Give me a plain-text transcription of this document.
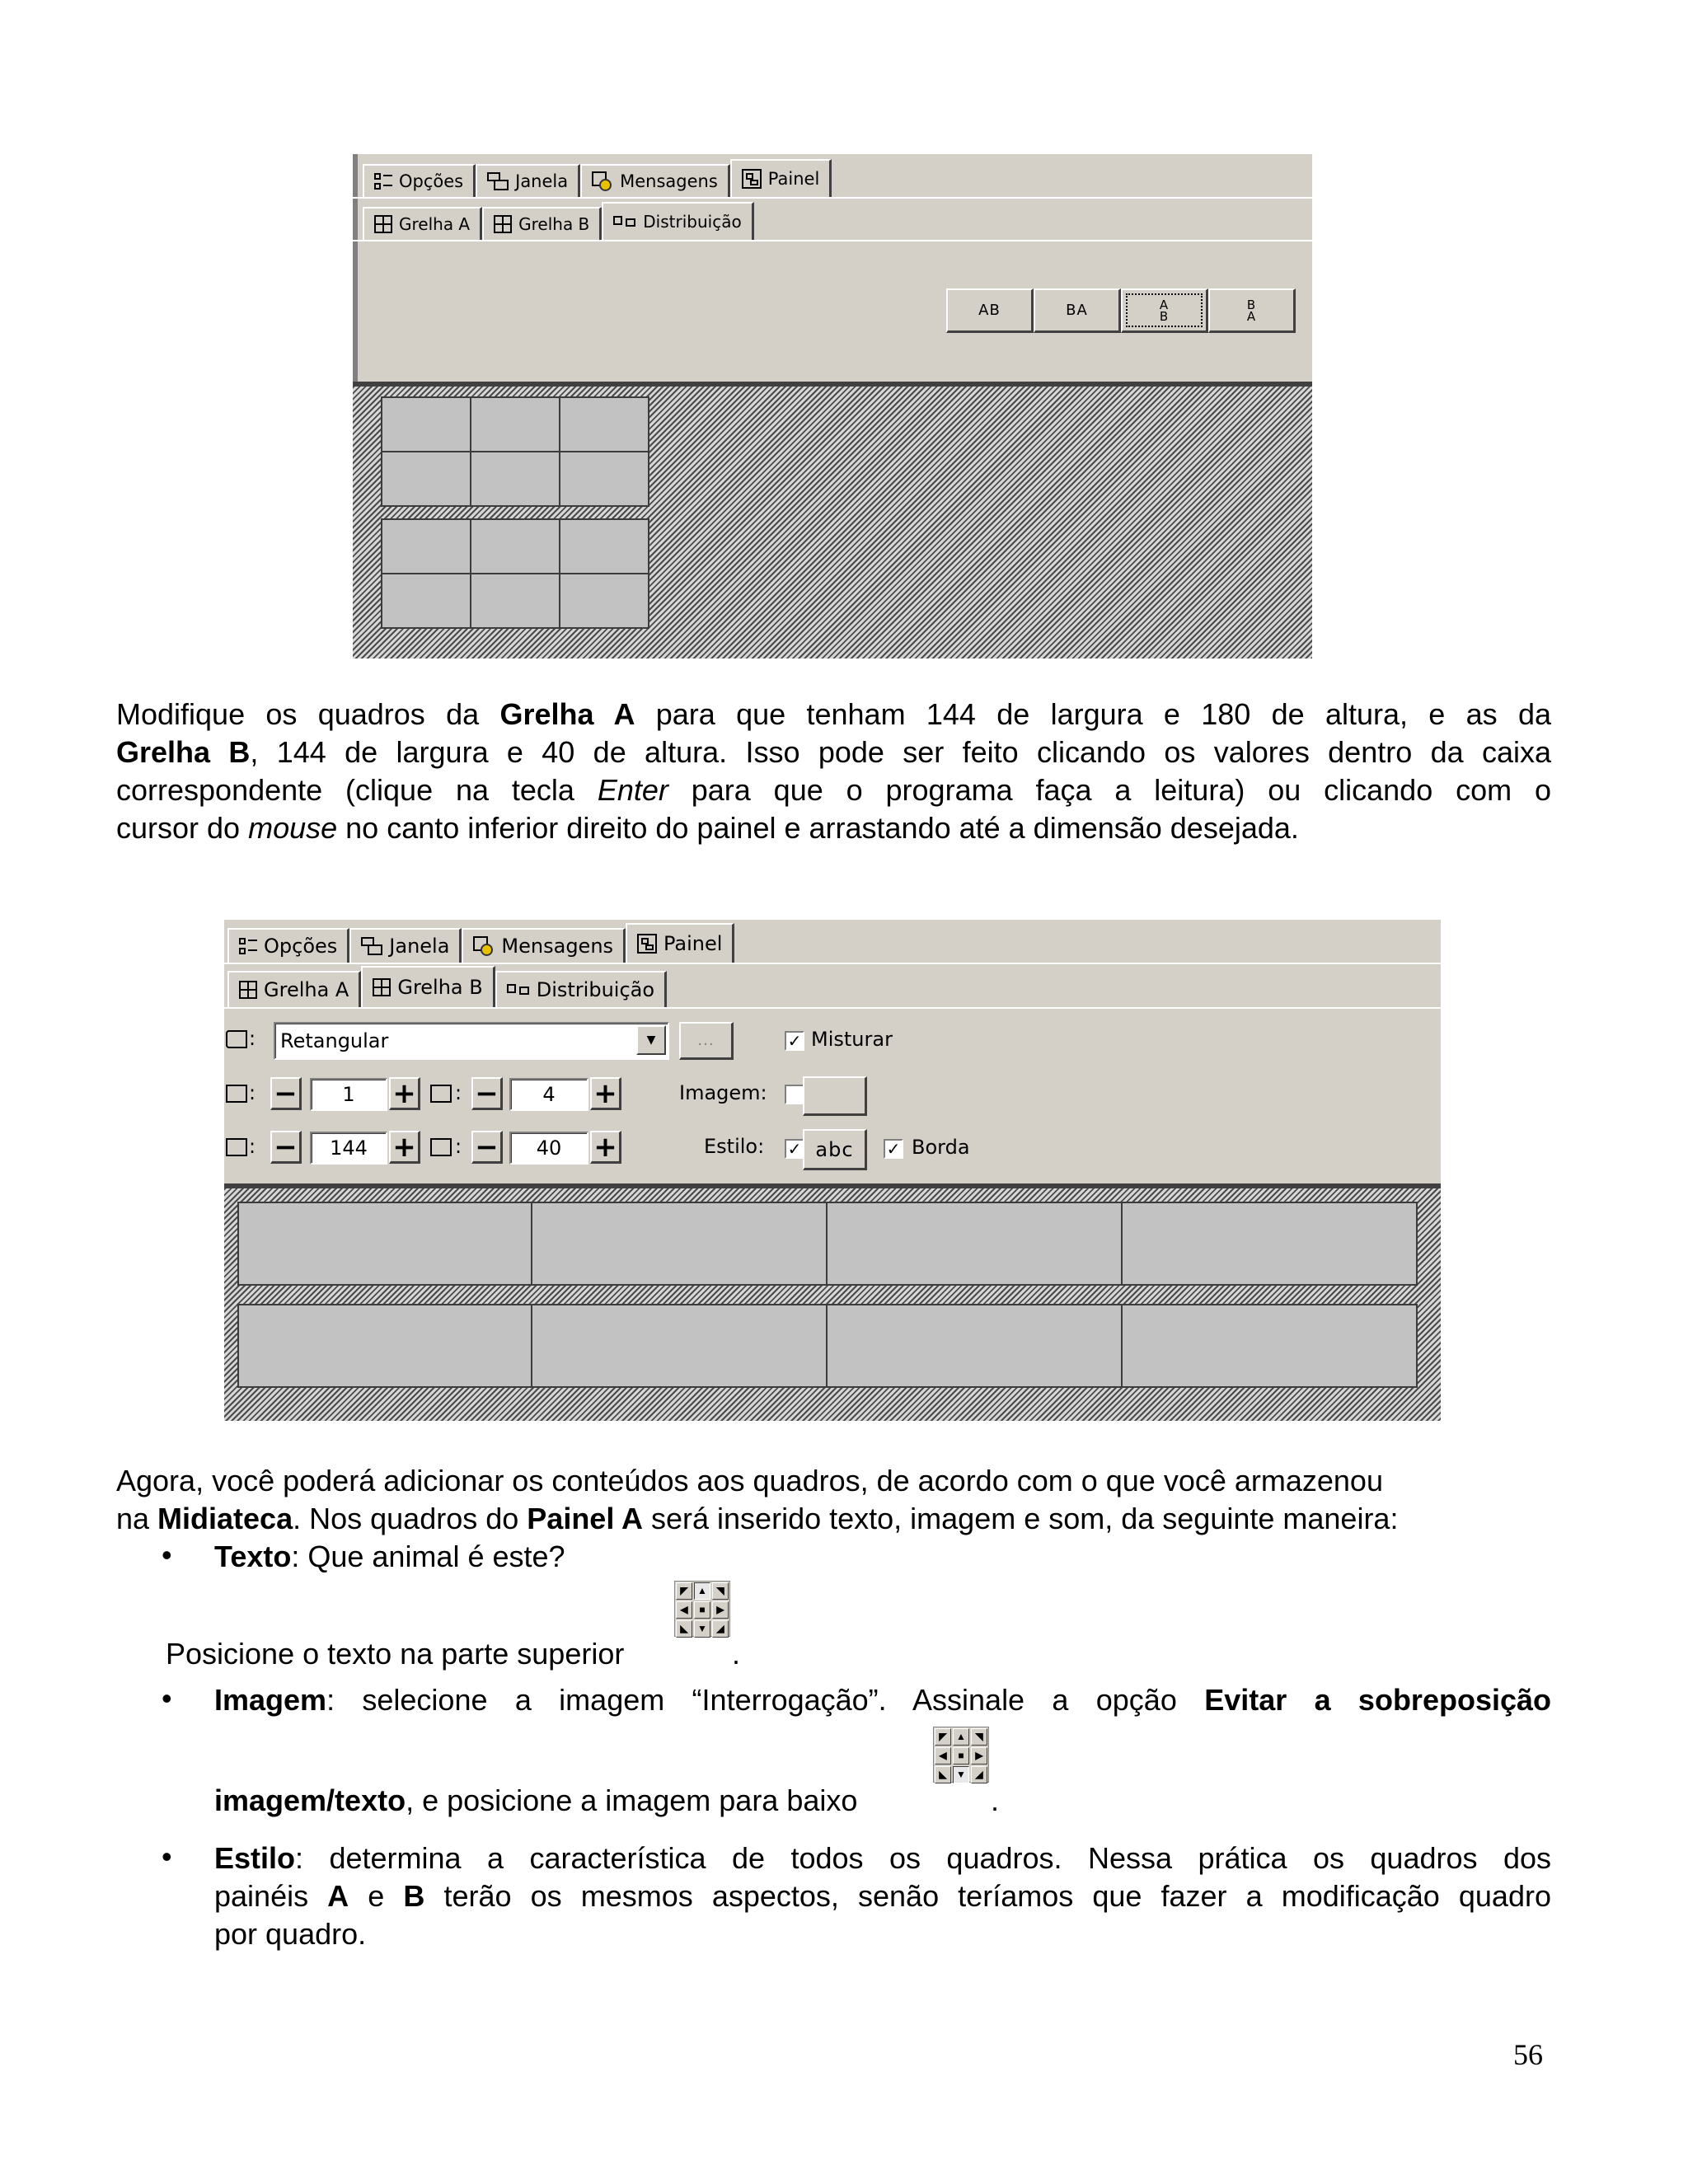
Opções	Janela	Mensagens	Painel
Grelha A	Grelha B	Distribuição
AB	BA	A
B
B
A
Modifique os quadros da Grelha A para que tenham 144 de largura e 180 de altura, e as da
Grelha B, 144 de largura e 40 de altura. Isso pode ser feito clicando os valores dentro da caixa
correspondente (clique na tecla Enter para que o programa faça a leitura) ou clicando com o
cursor do mouse no canto inferior direito do painel e arrastando até a dimensão desejada.
Opções	Janela	Mensagens	Painel
Grelha A Grelha B	Distribuição
: Retangular	▼	...	✓ Misturar
: − 1 + : − 4 +	Imagem:
: − 144 + : − 40 +	Estilo: ✓ abc ✓ Borda
Agora, você poderá adicionar os conteúdos aos quadros, de acordo com o que você armazenou
na Midiateca. Nos quadros do Painel A será inserido texto, imagem e som, da seguinte maneira:
• Texto: Que animal é este?
◤ ▲ ◥
◀	■	▶
◣ ▼ ◢
Posicione o texto na parte superior	.
• Imagem: selecione a imagem “Interrogação”. Assinale a opção Evitar a sobreposição
◤ ▲ ◥
◀	■	▶
◣ ▼ ◢
imagem/texto, e posicione a imagem para baixo	.
• Estilo: determina a característica de todos os quadros. Nessa prática os quadros dos
painéis A e B terão os mesmos aspectos, senão teríamos que fazer a modificação quadro
por quadro.
56
